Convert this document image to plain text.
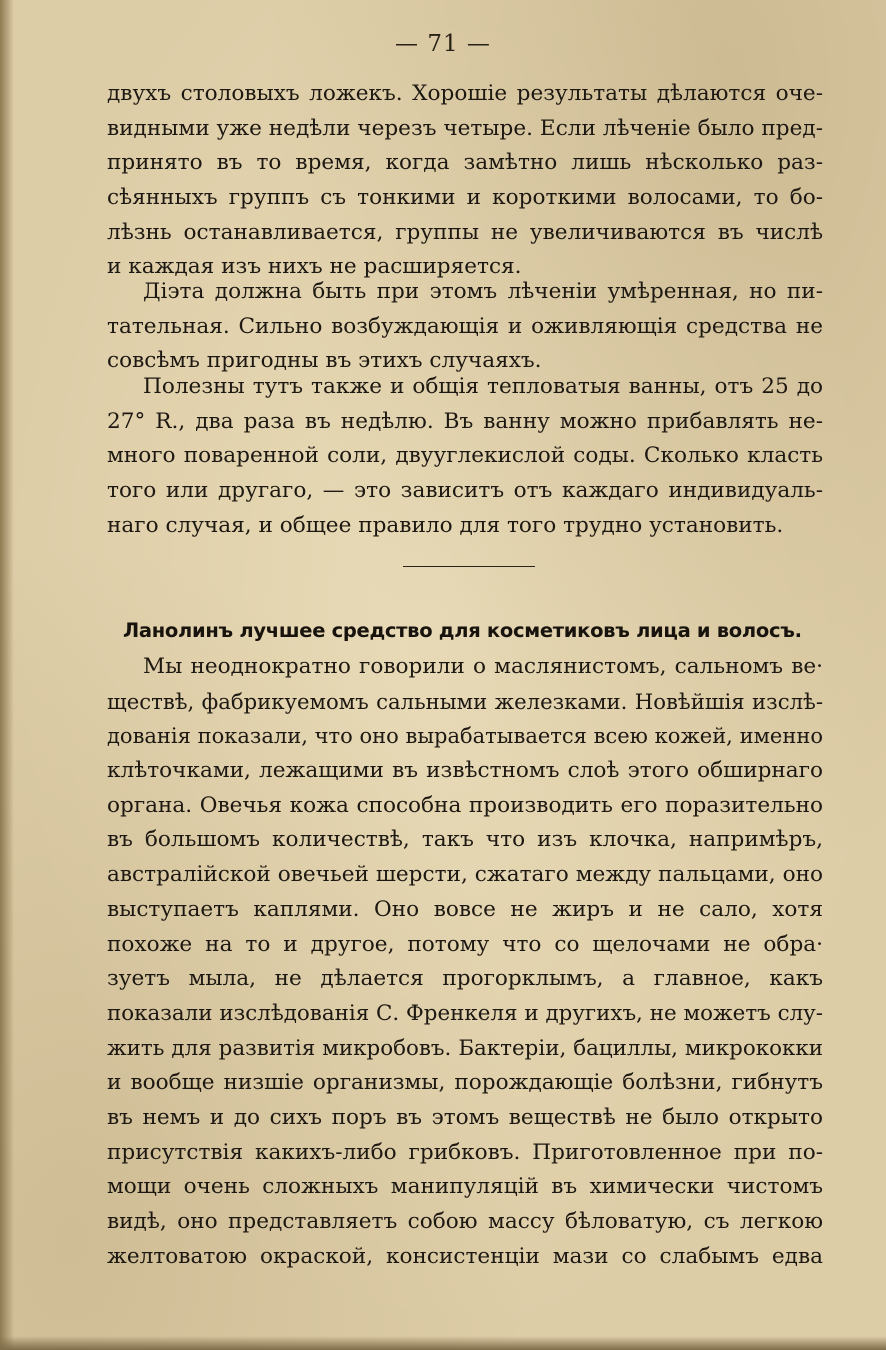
— 71 —
двухъ столовыхъ ложекъ. Хорошіе результаты дѣлаются оче-
видными уже недѣли черезъ четыре. Если лѣченіе было пред-
принято въ то время, когда замѣтно лишь нѣсколько раз-
сѣянныхъ группъ съ тонкими и короткими волосами, то бо-
лѣзнь останавливается, группы не увеличиваются въ числѣ
и каждая изъ нихъ не расширяется.
Діэта должна быть при этомъ лѣченіи умѣренная, но пи-
тательная. Сильно возбуждающія и оживляющія средства не
совсѣмъ пригодны въ этихъ случаяхъ.
Полезны тутъ также и общія тепловатыя ванны, отъ 25 до
27° R., два раза въ недѣлю. Въ ванну можно прибавлять не-
много поваренной соли, двууглекислой соды. Сколько класть
того или другаго, — это зависитъ отъ каждаго индивидуаль-
наго случая, и общее правило для того трудно установить.
Ланолинъ лучшее средство для косметиковъ лица и волосъ.
Мы неоднократно говорили о маслянистомъ, сальномъ ве·
ществѣ, фабрикуемомъ сальными железками. Новѣйшія изслѣ-
дованія показали, что оно вырабатывается всею кожей, именно
клѣточками, лежащими въ извѣстномъ слоѣ этого обширнаго
органа. Овечья кожа способна производить его поразительно
въ большомъ количествѣ, такъ что изъ клочка, напримѣръ,
австралійской овечьей шерсти, сжатаго между пальцами, оно
выступаетъ каплями. Оно вовсе не жиръ и не сало, хотя
похоже на то и другое, потому что со щелочами не обра·
зуетъ мыла, не дѣлается прогорклымъ, а главное, какъ
показали изслѣдованія С. Френкеля и другихъ, не можетъ слу-
жить для развитія микробовъ. Бактеріи, бациллы, микрококки
и вообще низшіе организмы, порождающіе болѣзни, гибнутъ
въ немъ и до сихъ поръ въ этомъ веществѣ не было открыто
присутствія какихъ-либо грибковъ. Приготовленное при по-
мощи очень сложныхъ манипуляцій въ химически чистомъ
видѣ, оно представляетъ собою массу бѣловатую, съ легкою
желтоватою окраской, консистенціи мази со слабымъ едва
